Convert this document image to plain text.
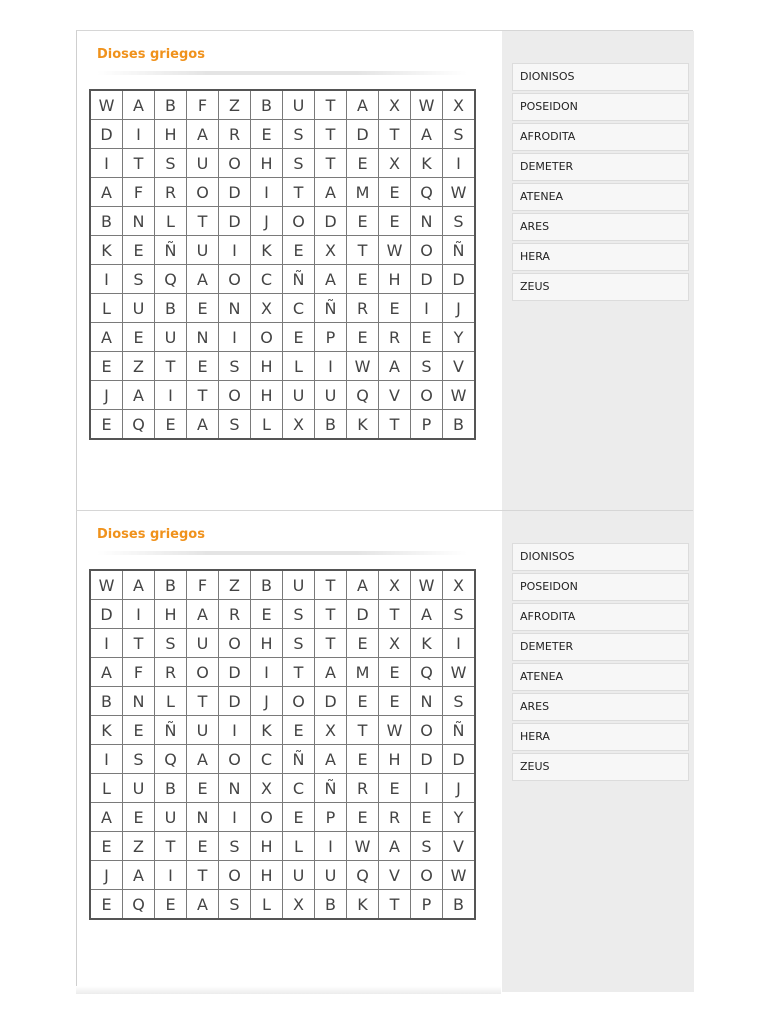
Dioses griegos
W	A	B	F	Z	B	U	T	A	X	W	X
D	I	H	A	R	E	S	T	D	T	A	S
I	T	S	U	O	H	S	T	E	X	K	I
A	F	R	O	D	I	T	A	M	E	Q	W
B	N	L	T	D	J	O	D	E	E	N	S
K	E	Ñ	U	I	K	E	X	T	W	O	Ñ
I	S	Q	A	O	C	Ñ	A	E	H	D	D
L	U	B	E	N	X	C	Ñ	R	E	I	J
A	E	U	N	I	O	E	P	E	R	E	Y
E	Z	T	E	S	H	L	I	W	A	S	V
J	A	I	T	O	H	U	U	Q	V	O	W
E	Q	E	A	S	L	X	B	K	T	P	B
DIONISOS
POSEIDON
AFRODITA
DEMETER
ATENEA
ARES
HERA
ZEUS
Dioses griegos
W	A	B	F	Z	B	U	T	A	X	W	X
D	I	H	A	R	E	S	T	D	T	A	S
I	T	S	U	O	H	S	T	E	X	K	I
A	F	R	O	D	I	T	A	M	E	Q	W
B	N	L	T	D	J	O	D	E	E	N	S
K	E	Ñ	U	I	K	E	X	T	W	O	Ñ
I	S	Q	A	O	C	Ñ	A	E	H	D	D
L	U	B	E	N	X	C	Ñ	R	E	I	J
A	E	U	N	I	O	E	P	E	R	E	Y
E	Z	T	E	S	H	L	I	W	A	S	V
J	A	I	T	O	H	U	U	Q	V	O	W
E	Q	E	A	S	L	X	B	K	T	P	B
DIONISOS
POSEIDON
AFRODITA
DEMETER
ATENEA
ARES
HERA
ZEUS
